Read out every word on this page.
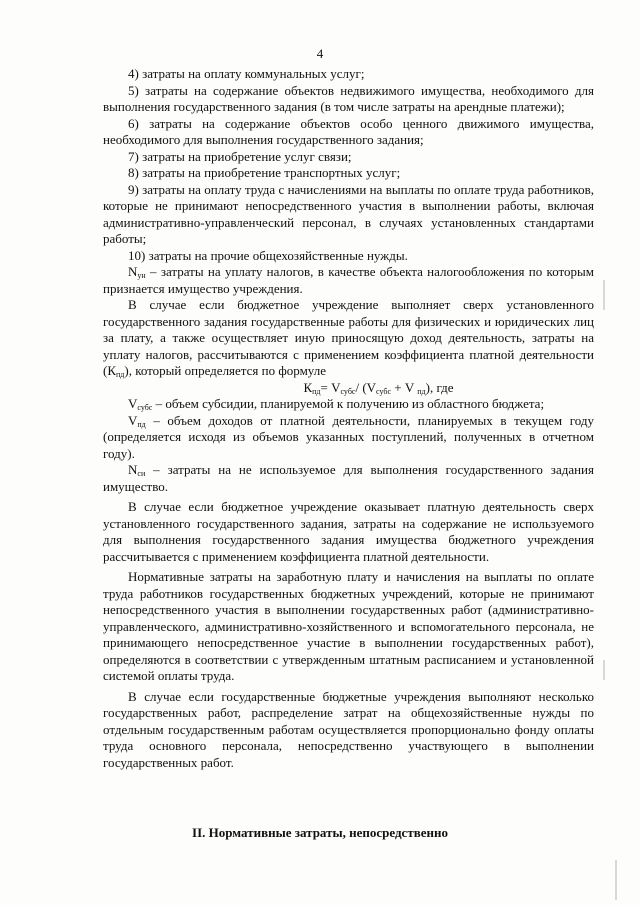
4

4) затраты на оплату коммунальных услуг;

5) затраты на содержание объектов недвижимого имущества, необходимого для выполнения государственного задания (в том числе затраты на арендные платежи);

6) затраты на содержание объектов особо ценного движимого имущества, необходимого для выполнения государственного задания;

7) затраты на приобретение услуг связи;

8) затраты на приобретение транспортных услуг;

9) затраты на оплату труда с начислениями на выплаты по оплате труда работников, которые не принимают непосредственного участия в выполнении работы, включая административно-управленческий персонал, в случаях установленных стандартами работы;

10) затраты на прочие общехозяйственные нужды.

$N_{ун}$ – затраты на уплату налогов, в качестве объекта налогообложения по которым признается имущество учреждения.

В случае если бюджетное учреждение выполняет сверх установленного государственного задания государственные работы для физических и юридических лиц за плату, а также осуществляет иную приносящую доход деятельность, затраты на уплату налогов, рассчитываются с применением коэффициента платной деятельности $(К_{пд})$, который определяется по формуле

$К_{пд}= V_{субс}/$ ($V_{субс} + V$ $_{пд}$), где

$V_{субс}$ – объем субсидии, планируемой к получению из областного бюджета;

$V_{пд}$ – объем доходов от платной деятельности, планируемых в текущем году (определяется исходя из объемов указанных поступлений, полученных в отчетном году).

$N_{си}$ – затраты на не используемое для выполнения государственного задания имущество.

В случае если бюджетное учреждение оказывает платную деятельность сверх установленного государственного задания, затраты на содержание не используемого для выполнения государственного задания имущества бюджетного учреждения рассчитывается с применением коэффициента платной деятельности.

Нормативные затраты на заработную плату и начисления на выплаты по оплате труда работников государственных бюджетных учреждений, которые не принимают непосредственного участия в выполнении государственных работ (административно-управленческого, административно-хозяйственного и вспомогательного персонала, не принимающего непосредственное участие в выполнении государственных работ), определяются в соответствии с утвержденным штатным расписанием и установленной системой оплаты труда.

В случае если государственные бюджетные учреждения выполняют несколько государственных работ, распределение затрат на общехозяйственные нужды по отдельным государственным работам осуществляется пропорционально фонду оплаты труда основного персонала, непосредственно участвующего в выполнении государственных работ.

II. Нормативные затраты, непосредственно
